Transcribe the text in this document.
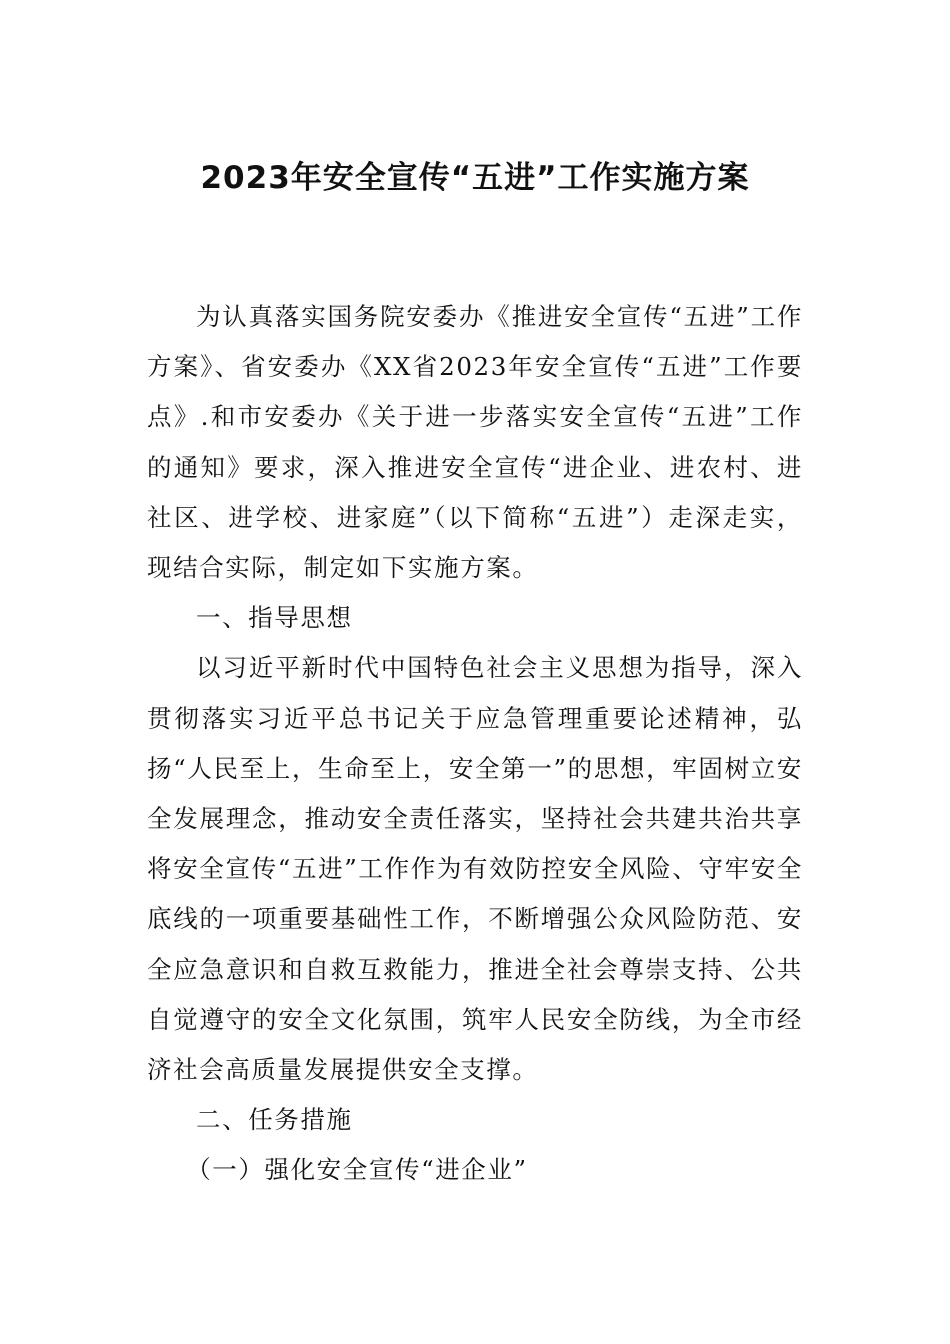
2023年安全宣传“五进”工作实施方案

为认真落实国务院安委办《推进安全宣传“五进”工作方案》、省安委办《XX省2023年安全宣传“五进”工作要点》.和市安委办《关于进一步落实安全宣传“五进”工作的通知》要求，深入推进安全宣传“进企业、进农村、进社区、进学校、进家庭”（以下简称“五进”）走深走实，现结合实际，制定如下实施方案。

一、指导思想

以习近平新时代中国特色社会主义思想为指导，深入贯彻落实习近平总书记关于应急管理重要论述精神，弘扬“人民至上，生命至上，安全第一”的思想，牢固树立安全发展理念，推动安全责任落实，坚持社会共建共治共享将安全宣传“五进”工作作为有效防控安全风险、守牢安全底线的一项重要基础性工作，不断增强公众风险防范、安全应急意识和自救互救能力，推进全社会尊崇支持、公共自觉遵守的安全文化氛围，筑牢人民安全防线，为全市经济社会高质量发展提供安全支撑。

二、任务措施

（一）强化安全宣传“进企业”
